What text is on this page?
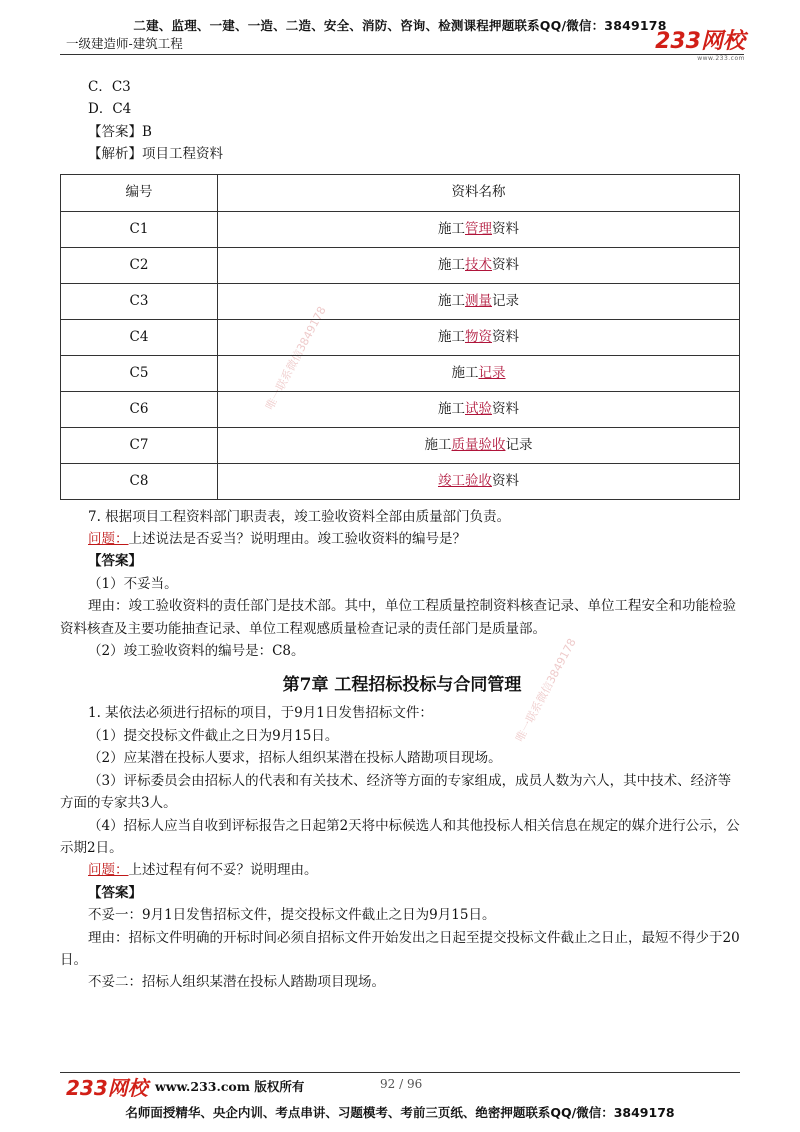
二建、监理、一建、一造、二造、安全、消防、咨询、检测课程押题联系QQ/微信：3849178
一级建造师-建筑工程	233网校
www.233.com
唯一联系微信3849178
唯一联系微信3849178

C．C3

D．C4

【答案】B

【解析】项目工程资料

编号	资料名称
C1	施工管理资料
C2	施工技术资料
C3	施工测量记录
C4	施工物资资料
C5	施工记录
C6	施工试验资料
C7	施工质量验收记录
C8	竣工验收资料

7. 根据项目工程资料部门职责表，竣工验收资料全部由质量部门负责。

问题：上述说法是否妥当？说明理由。竣工验收资料的编号是？

【答案】

（1）不妥当。

理由：竣工验收资料的责任部门是技术部。其中，单位工程质量控制资料核查记录、单位工程安全和功能检验资料核查及主要功能抽查记录、单位工程观感质量检查记录的责任部门是质量部。

（2）竣工验收资料的编号是：C8。

第7章 工程招标投标与合同管理

1. 某依法必须进行招标的项目，于9月1日发售招标文件：

（1）提交投标文件截止之日为9月15日。

（2）应某潜在投标人要求，招标人组织某潜在投标人踏勘项目现场。

（3）评标委员会由招标人的代表和有关技术、经济等方面的专家组成，成员人数为六人，其中技术、经济等方面的专家共3人。

（4）招标人应当自收到评标报告之日起第2天将中标候选人和其他投标人相关信息在规定的媒介进行公示，公示期2日。

问题：上述过程有何不妥？说明理由。

【答案】

不妥一：9月1日发售招标文件，提交投标文件截止之日为9月15日。

理由：招标文件明确的开标时间必须自招标文件开始发出之日起至提交投标文件截止之日止，最短不得少于20日。

不妥二：招标人组织某潜在投标人踏勘项目现场。

233网校 www.233.com 版权所有	92 / 96
名师面授精华、央企内训、考点串讲、习题模考、考前三页纸、绝密押题联系QQ/微信：3849178
